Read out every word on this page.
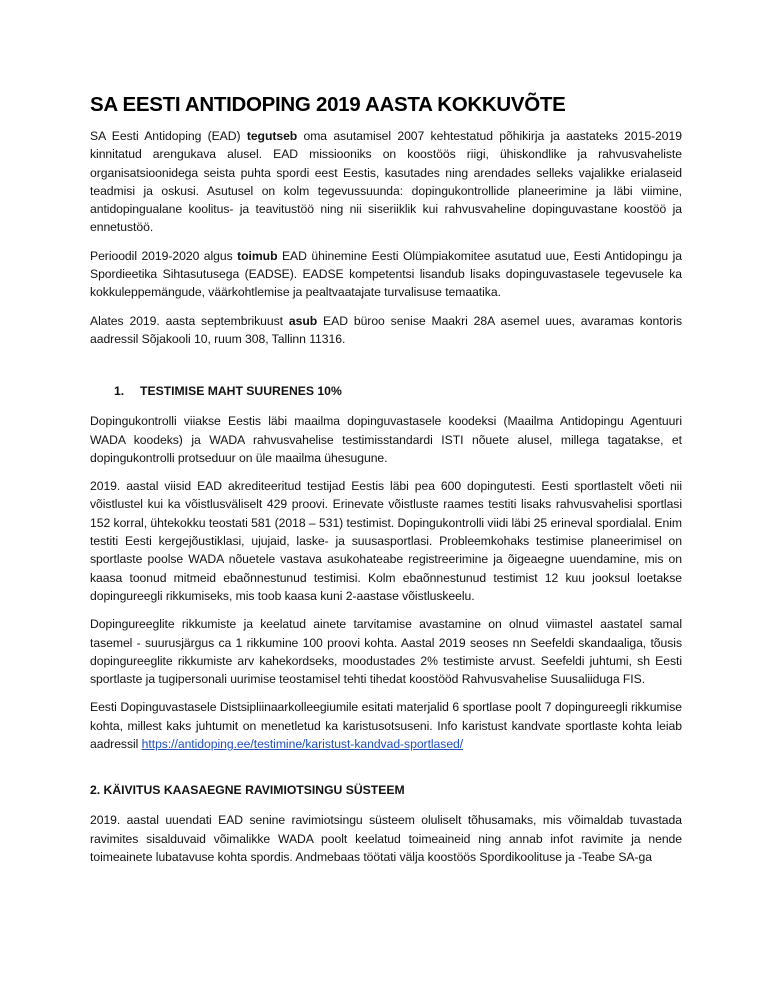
SA EESTI ANTIDOPING 2019 AASTA KOKKUVÕTE

SA Eesti Antidoping (EAD) tegutseb oma asutamisel 2007 kehtestatud põhikirja ja aastateks 2015-2019 kinnitatud arengukava alusel. EAD missiooniks on koostöös riigi, ühiskondlike ja rahvusvaheliste organisatsioonidega seista puhta spordi eest Eestis, kasutades ning arendades selleks vajalikke erialaseid teadmisi ja oskusi. Asutusel on kolm tegevussuunda: dopingukontrollide planeerimine ja läbi viimine, antidopingualane koolitus- ja teavitustöö ning nii siseriiklik kui rahvusvaheline dopinguvastane koostöö ja ennetustöö.

Perioodil 2019-2020 algus toimub EAD ühinemine Eesti Olümpiakomitee asutatud uue, Eesti Antidopingu ja Spordieetika Sihtasutusega (EADSE). EADSE kompetentsi lisandub lisaks dopinguvastasele tegevusele ka kokkuleppemängude, väärkohtlemise ja pealtvaatajate turvalisuse temaatika.

Alates 2019. aasta septembrikuust asub EAD büroo senise Maakri 28A asemel uues, avaramas kontoris aadressil Sõjakooli 10, ruum 308, Tallinn 11316.

1. TESTIMISE MAHT SUURENES 10%

Dopingukontrolli viiakse Eestis läbi maailma dopinguvastasele koodeksi (Maailma Antidopingu Agentuuri WADA koodeks) ja WADA rahvusvahelise testimisstandardi ISTI nõuete alusel, millega tagatakse, et dopingukontrolli protseduur on üle maailma ühesugune.

2019. aastal viisid EAD akrediteeritud testijad Eestis läbi pea 600 dopingutesti. Eesti sportlastelt võeti nii võistlustel kui ka võistlusväliselt 429 proovi. Erinevate võistluste raames testiti lisaks rahvusvahelisi sportlasi 152 korral, ühtekokku teostati 581 (2018 – 531) testimist. Dopingukontrolli viidi läbi 25 erineval spordialal. Enim testiti Eesti kergejõustiklasi, ujujaid, laske- ja suusasportlasi. Probleemkohaks testimise planeerimisel on sportlaste poolse WADA nõuetele vastava asukohateabe registreerimine ja õigeaegne uuendamine, mis on kaasa toonud mitmeid ebaõnnestunud testimisi. Kolm ebaõnnestunud testimist 12 kuu jooksul loetakse dopingureegli rikkumiseks, mis toob kaasa kuni 2-aastase võistluskeelu.

Dopingureeglite rikkumiste ja keelatud ainete tarvitamise avastamine on olnud viimastel aastatel samal tasemel - suurusjärgus ca 1 rikkumine 100 proovi kohta. Aastal 2019 seoses nn Seefeldi skandaaliga, tõusis dopingureeglite rikkumiste arv kahekordseks, moodustades 2% testimiste arvust. Seefeldi juhtumi, sh Eesti sportlaste ja tugipersonali uurimise teostamisel tehti tihedat koostööd Rahvusvahelise Suusaliiduga FIS.

Eesti Dopinguvastasele Distsipliinaarkolleegiumile esitati materjalid 6 sportlase poolt 7 dopingureegli rikkumise kohta, millest kaks juhtumit on menetletud ka karistusotsuseni. Info karistust kandvate sportlaste kohta leiab aadressil https://antidoping.ee/testimine/karistust-kandvad-sportlased/

2. KÄIVITUS KAASAEGNE RAVIMIOTSINGU SÜSTEEM

2019. aastal uuendati EAD senine ravimiotsingu süsteem oluliselt tõhusamaks, mis võimaldab tuvastada ravimites sisalduvaid võimalikke WADA poolt keelatud toimeaineid ning annab infot ravimite ja nende toimeainete lubatavuse kohta spordis. Andmebaas töötati välja koostöös Spordikoolituse ja -Teabe SA-ga
